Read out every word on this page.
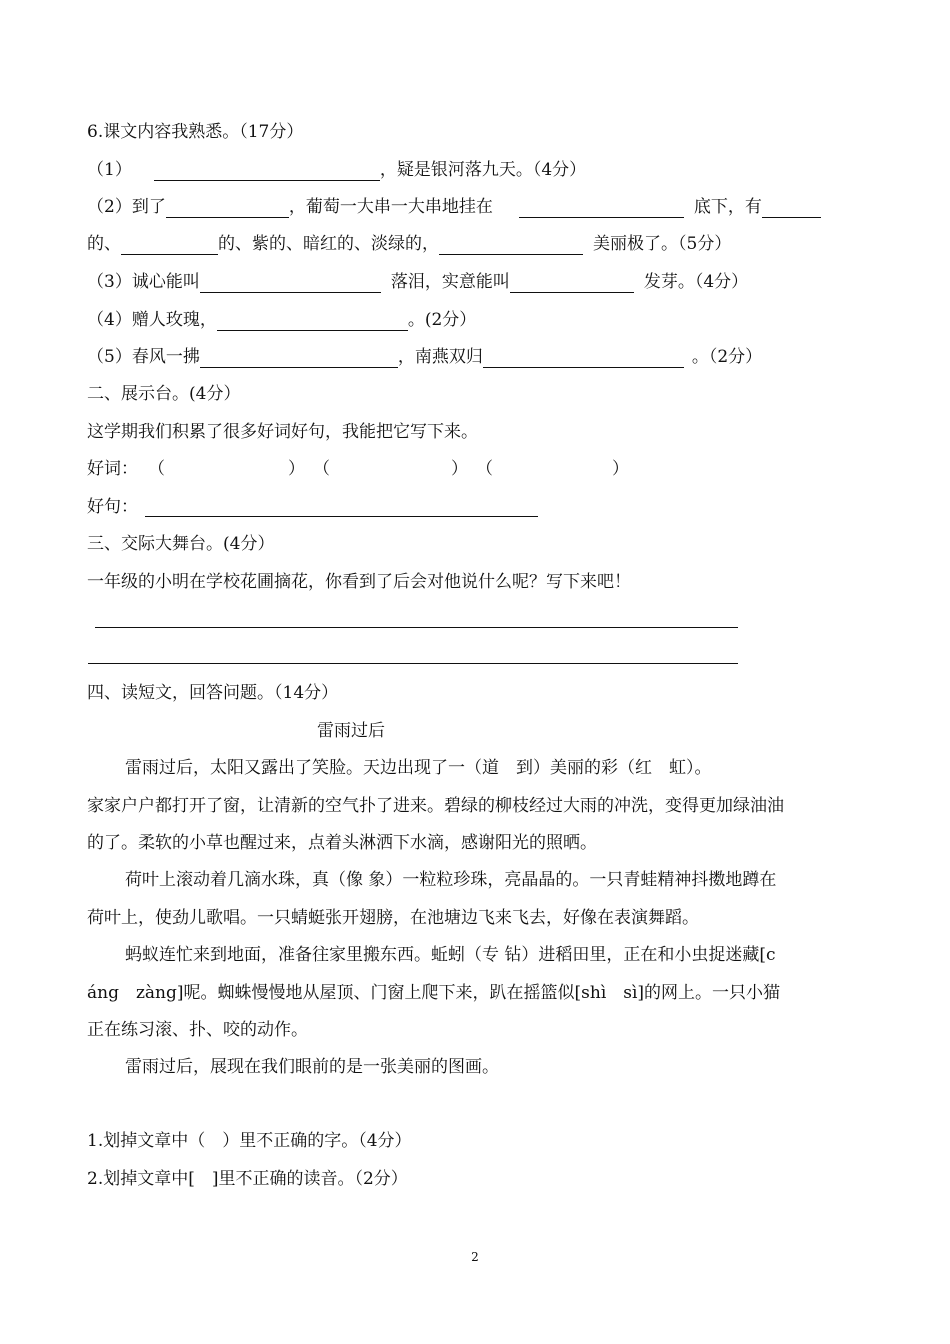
6.课文内容我熟悉。（17分）
（1）	，疑是银河落九天。（4分）
（2）到了	，葡萄一大串一大串地挂在	底下，有
的、	的、紫的、暗红的、淡绿的，	美丽极了。（5分）
（3）诚心能叫	落泪，实意能叫	发芽。（4分）
（4）赠人玫瑰，	。(2分）
（5）春风一拂	，南燕双归	。（2分）
二、展示台。(4分）
这学期我们积累了很多好词好句，我能把它写下来。
好词： （	） （	） （	）
好句：
三、交际大舞台。(4分）
一年级的小明在学校花圃摘花，你看到了后会对他说什么呢？写下来吧！
四、读短文，回答问题。（14分）
雷雨过后
雷雨过后，太阳又露出了笑脸。天边出现了一（道　到）美丽的彩（红　虹）。
家家户户都打开了窗，让清新的空气扑了进来。碧绿的柳枝经过大雨的冲洗，变得更加绿油油
的了。柔软的小草也醒过来，点着头淋洒下水滴，感谢阳光的照晒。
荷叶上滚动着几滴水珠，真（像 象）一粒粒珍珠，亮晶晶的。一只青蛙精神抖擞地蹲在
荷叶上，使劲儿歌唱。一只蜻蜓张开翅膀，在池塘边飞来飞去，好像在表演舞蹈。
蚂蚁连忙来到地面，准备往家里搬东西。蚯蚓（专 钻）进稻田里，正在和小虫捉迷藏[c
áng　zàng]呢。蜘蛛慢慢地从屋顶、门窗上爬下来，趴在摇篮似[shì　sì]的网上。一只小猫
正在练习滚、扑、咬的动作。
雷雨过后，展现在我们眼前的是一张美丽的图画。
1.划掉文章中（　）里不正确的字。（4分）
2.划掉文章中[　]里不正确的读音。（2分）
2
